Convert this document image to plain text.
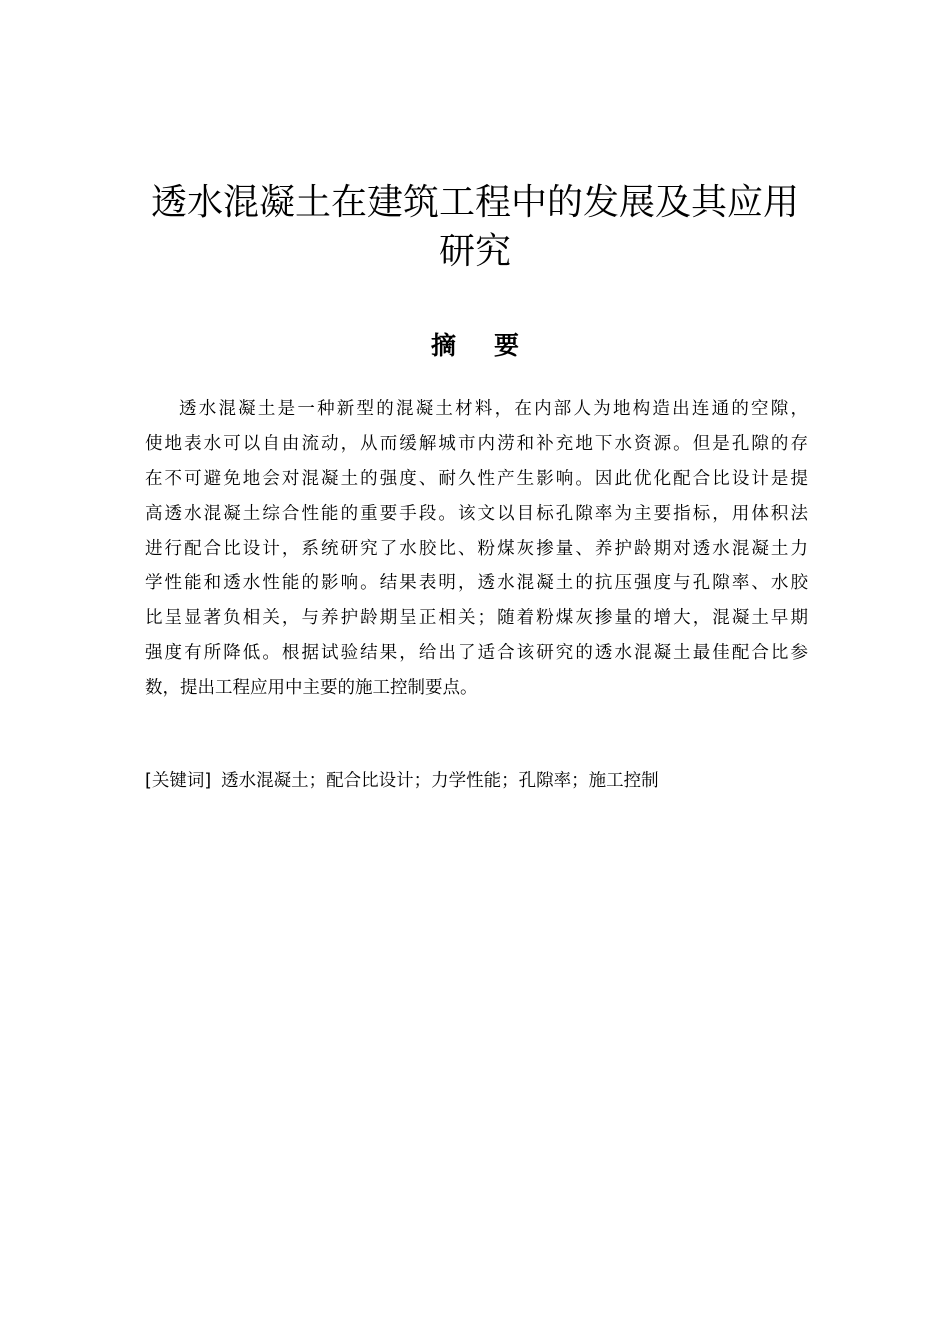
透水混凝土在建筑工程中的发展及其应用
研究
摘要
透水混凝土是一种新型的混凝土材料，在内部人为地构造出连通的空隙，
使地表水可以自由流动，从而缓解城市内涝和补充地下水资源。但是孔隙的存
在不可避免地会对混凝土的强度、耐久性产生影响。因此优化配合比设计是提
高透水混凝土综合性能的重要手段。该文以目标孔隙率为主要指标，用体积法
进行配合比设计，系统研究了水胶比、粉煤灰掺量、养护龄期对透水混凝土力
学性能和透水性能的影响。结果表明，透水混凝土的抗压强度与孔隙率、水胶
比呈显著负相关，与养护龄期呈正相关；随着粉煤灰掺量的增大，混凝土早期
强度有所降低。根据试验结果，给出了适合该研究的透水混凝土最佳配合比参
数，提出工程应用中主要的施工控制要点。
[关键词] 透水混凝土；配合比设计；力学性能；孔隙率；施工控制
